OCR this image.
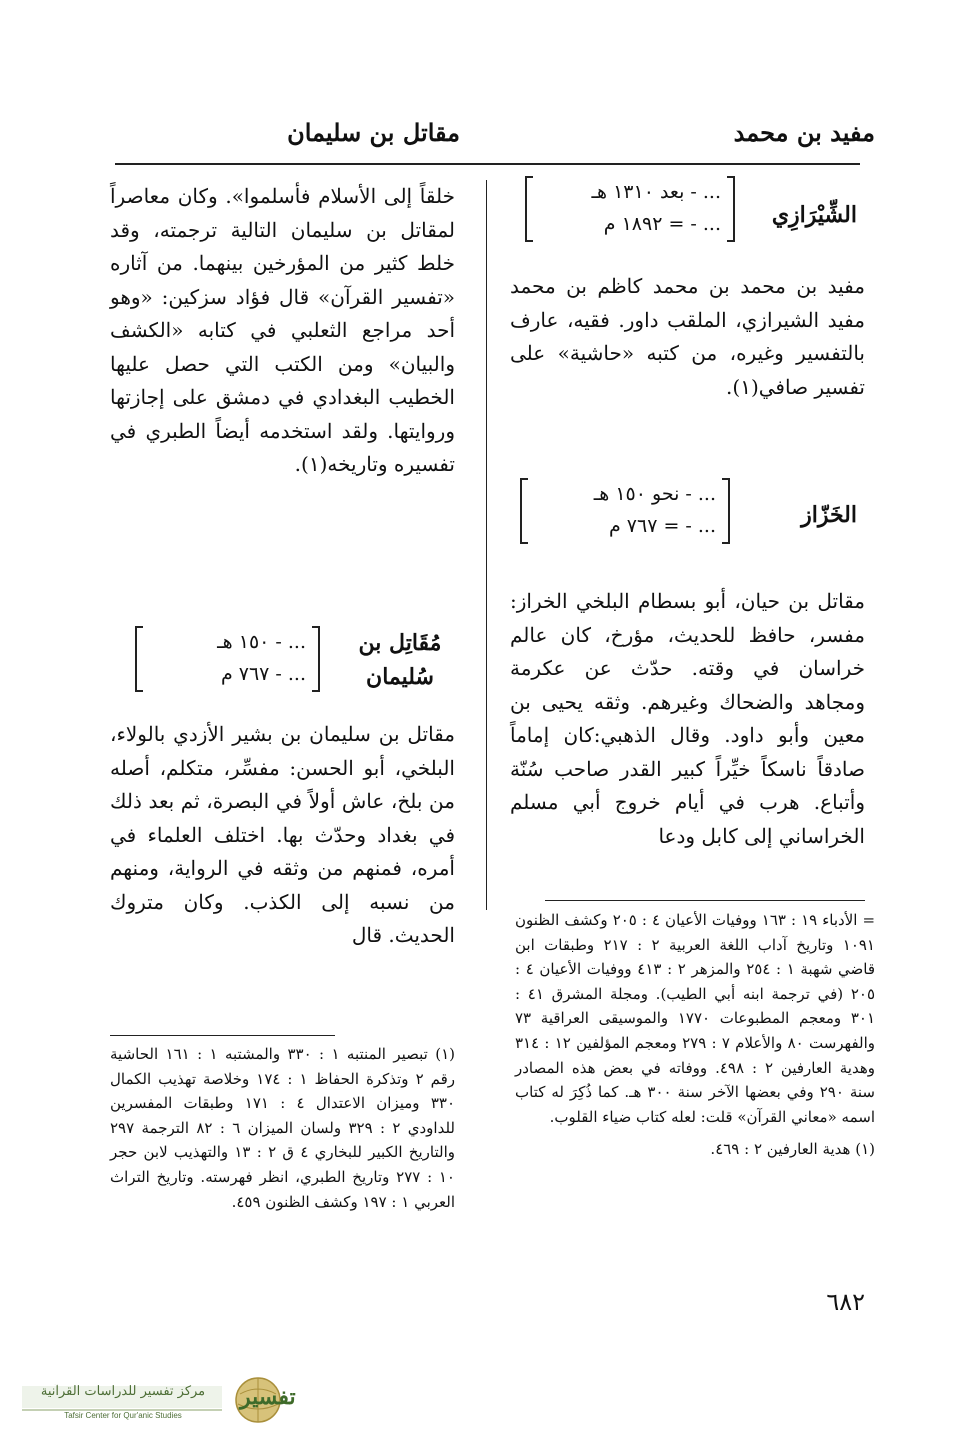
مفيد بن محمد
مقاتل بن سليمان
الشِّيْرَازِي
... - بعد ١٣١٠ هـ
... - = ١٨٩٢ م

مفيد بن محمد بن محمد كاظم بن محمد مفيد الشيرازي، الملقب داور. فقيه، عارف بالتفسير وغيره، من كتبه «حاشية» على تفسير صافي(١).

الخَزّاز
... - نحو ١٥٠ هـ
... - = ٧٦٧ م

مقاتل بن حيان، أبو بسطام البلخي الخراز: مفسر، حافظ للحديث، مؤرخ، كان عالم خراسان في وقته. حدّث عن عكرمة ومجاهد والضحاك وغيرهم. وثقه يحيى بن معين وأبو داود. وقال الذهبي:كان إماماً صادقاً ناسكاً خيِّراً كبير القدر صاحب سُنّة وأتباع. هرب في أيام خروج أبي مسلم الخراساني إلى كابل ودعا

خلقاً إلى الأسلام فأسلموا». وكان معاصراً لمقاتل بن سليمان التالية ترجمته، وقد خلط كثير من المؤرخين بينهما. من آثاره «تفسير القرآن» قال فؤاد سزكين: «وهو أحد مراجع الثعلبي في كتابه «الكشف والبيان» ومن الكتب التي حصل عليها الخطيب البغدادي في دمشق على إجازتها وروايتها. ولقد استخدمه أيضاً الطبري في تفسيره وتاريخه(١).

مُقَاتِل بن
سُليمان
... - ١٥٠ هـ
... - ٧٦٧ م

مقاتل بن سليمان بن بشير الأزدي بالولاء، البلخي، أبو الحسن: مفسِّر، متكلم، أصله من بلخ، عاش أولاً في البصرة، ثم بعد ذلك في بغداد وحدّث بها. اختلف العلماء في أمره، فمنهم من وثقه في الرواية، ومنهم من نسبه إلى الكذب. وكان متروك الحديث. قال

= الأدباء ١٩ : ١٦٣ ووفيات الأعيان ٤ : ٢٠٥ وكشف الظنون ١٠٩١ وتاريخ آداب اللغة العربية ٢ : ٢١٧ وطبقات ابن قاضي شهبة ١ : ٢٥٤ والمزهر ٢ : ٤١٣ ووفيات الأعيان ٤ : ٢٠٥ (في ترجمة ابنه أبي الطيب). ومجلة المشرق ٤١ : ٣٠١ ومعجم المطبوعات ١٧٧٠ والموسيقى العراقية ٧٣ والفهرست ٨٠ والأعلام ٧ : ٢٧٩ ومعجم المؤلفين ١٢ : ٣١٤ وهدية العارفين ٢ : ٤٩٨. ووفاته في بعض هذه المصادر سنة ٢٩٠ وفي بعضها الآخر سنة ٣٠٠ هـ. كما ذُكِرَ له كتاب اسمه «معاني القرآن» قلت: لعله كتاب ضياء القلوب.

(١) هدية العارفين ٢ : ٤٦٩.

(١) تبصير المنتبه ١ : ٣٣٠ والمشتبه ١ : ١٦١ الحاشية رقم ٢ وتذكرة الحفاظ ١ : ١٧٤ وخلاصة تهذيب الكمال ٣٣٠ وميزان الاعتدال ٤ : ١٧١ وطبقات المفسرين للداودي ٢ : ٣٢٩ ولسان الميزان ٦ : ٨٢ الترجمة ٢٩٧ والتاريخ الكبير للبخاري ٤ ق ٢ : ١٣ والتهذيب لابن حجر ١٠ : ٢٧٧ وتاريخ الطبري، انظر فهرسته. وتاريخ التراث العربي ١ : ١٩٧ وكشف الظنون ٤٥٩.

٦٨٢
تفسير
مركز تفسير للدراسات القرآنية
Tafsir Center for Qur'anic Studies
